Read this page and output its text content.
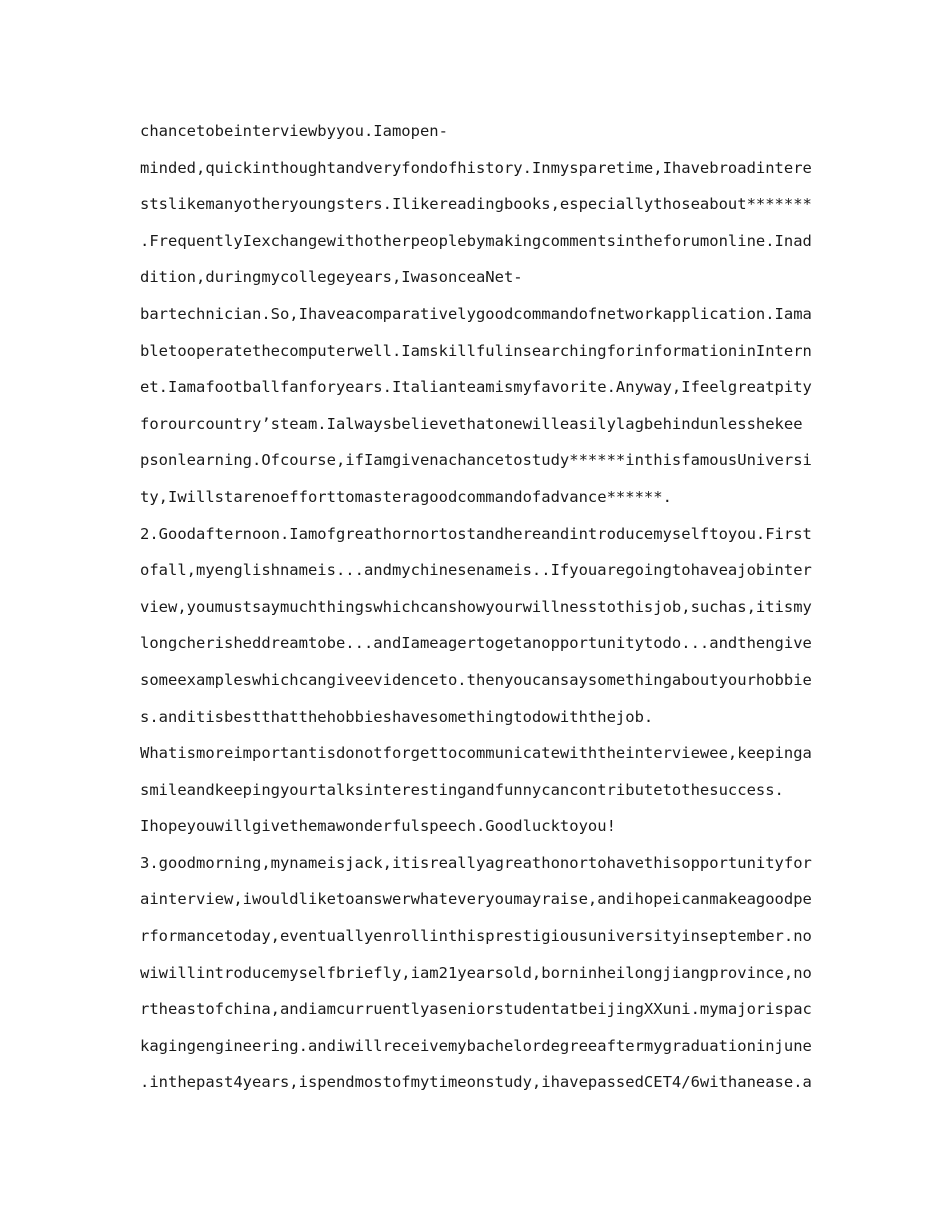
chancetobeinterviewbyyou.Iamopen-
minded,quickinthoughtandveryfondofhistory.Inmysparetime,Ihavebroadintere
stslikemanyotheryoungsters.Ilikereadingbooks,especiallythoseabout*******
.FrequentlyIexchangewithotherpeoplebymakingcommentsintheforumonline.Inad
dition,duringmycollegeyears,IwasonceaNet-
bartechnician.So,Ihaveacomparativelygoodcommandofnetworkapplication.Iama
bletooperatethecomputerwell.IamskillfulinsearchingforinformationinIntern
et.Iamafootballfanforyears.Italianteamismyfavorite.Anyway,Ifeelgreatpity
forourcountry’steam.Ialwaysbelievethatonewilleasilylagbehindunlesshekee
psonlearning.Ofcourse,ifIamgivenachancetostudy******inthisfamousUniversi
ty,Iwillstarenoefforttomasteragoodcommandofadvance******.
2.Goodafternoon.Iamofgreathornortostandhereandintroducemyselftoyou.First
ofall,myenglishnameis...andmychinesenameis..Ifyouaregoingtohaveajobinter
view,youmustsaymuchthingswhichcanshowyourwillnesstothisjob,suchas,itismy
longcherisheddreamtobe...andIameagertogetanopportunitytodo...andthengive
someexampleswhichcangiveevidenceto.thenyoucansaysomethingaboutyourhobbie
s.anditisbestthatthehobbieshavesomethingtodowiththejob.
Whatismoreimportantisdonotforgettocommunicatewiththeinterviewee,keepinga
smileandkeepingyourtalksinterestingandfunnycancontributetothesuccess.
Ihopeyouwillgivethemawonderfulspeech.Goodlucktoyou!
3.goodmorning,mynameisjack,itisreallyagreathonortohavethisopportunityfor
ainterview,iwouldliketoanswerwhateveryoumayraise,andihopeicanmakeagoodpe
rformancetoday,eventuallyenrollinthisprestigiousuniversityinseptember.no
wiwillintroducemyselfbriefly,iam21yearsold,borninheilongjiangprovince,no
rtheastofchina,andiamcurruentlyaseniorstudentatbeijingXXuni.mymajorispac
kagingengineering.andiwillreceivemybachelordegreeaftermygraduationinjune
.inthepast4years,ispendmostofmytimeonstudy,ihavepassedCET4/6withanease.a
